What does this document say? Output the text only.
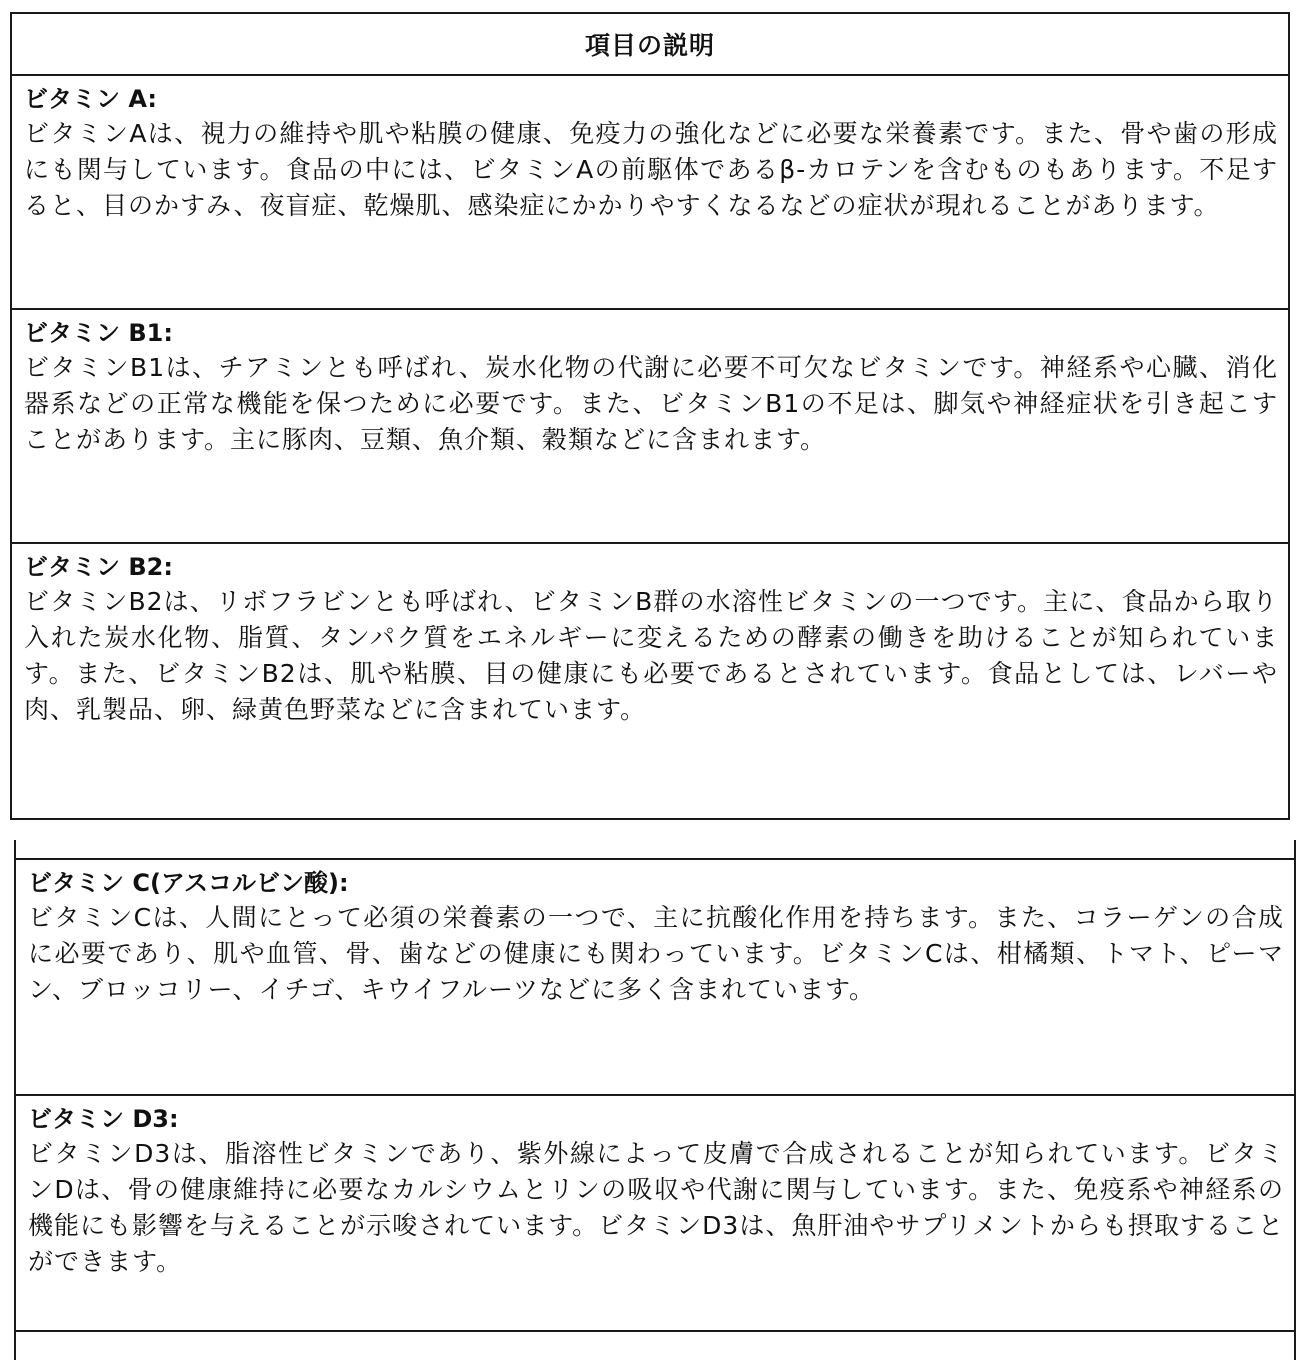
項目の説明
ビタミン A:
ビタミンAは、視力の維持や肌や粘膜の健康、免疫力の強化などに必要な栄養素です。また、骨や歯の形成にも関与しています。食品の中には、ビタミンAの前駆体であるβ-カロテンを含むものもあります。不足すると、目のかすみ、夜盲症、乾燥肌、感染症にかかりやすくなるなどの症状が現れることがあります。
ビタミン B1:
ビタミンB1は、チアミンとも呼ばれ、炭水化物の代謝に必要不可欠なビタミンです。神経系や心臓、消化器系などの正常な機能を保つために必要です。また、ビタミンB1の不足は、脚気や神経症状を引き起こすことがあります。主に豚肉、豆類、魚介類、穀類などに含まれます。
ビタミン B2:
ビタミンB2は、リボフラビンとも呼ばれ、ビタミンB群の水溶性ビタミンの一つです。主に、食品から取り入れた炭水化物、脂質、タンパク質をエネルギーに変えるための酵素の働きを助けることが知られています。また、ビタミンB2は、肌や粘膜、目の健康にも必要であるとされています。食品としては、レバーや肉、乳製品、卵、緑黄色野菜などに含まれています。
ビタミン C(アスコルビン酸):
ビタミンCは、人間にとって必須の栄養素の一つで、主に抗酸化作用を持ちます。また、コラーゲンの合成に必要であり、肌や血管、骨、歯などの健康にも関わっています。ビタミンCは、柑橘類、トマト、ピーマン、ブロッコリー、イチゴ、キウイフルーツなどに多く含まれています。
ビタミン D3:
ビタミンD3は、脂溶性ビタミンであり、紫外線によって皮膚で合成されることが知られています。ビタミンDは、骨の健康維持に必要なカルシウムとリンの吸収や代謝に関与しています。また、免疫系や神経系の機能にも影響を与えることが示唆されています。ビタミンD3は、魚肝油やサプリメントからも摂取することができます。
